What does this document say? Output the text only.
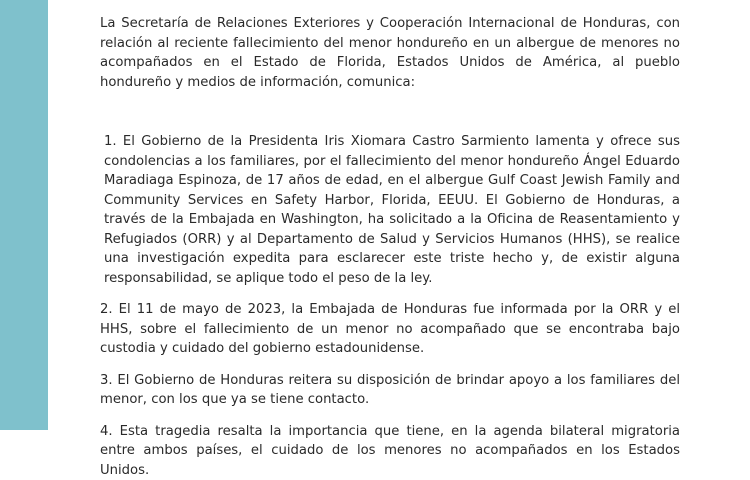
La Secretaría de Relaciones Exteriores y Cooperación Internacional de Honduras, con relación al reciente fallecimiento del menor hondureño en un albergue de menores no acompañados en el Estado de Florida, Estados Unidos de América, al pueblo hondureño y medios de información, comunica:

1. El Gobierno de la Presidenta Iris Xiomara Castro Sarmiento lamenta y ofrece sus condolencias a los familiares, por el fallecimiento del menor hondureño Ángel Eduardo Maradiaga Espinoza, de 17 años de edad, en el albergue Gulf Coast Jewish Family and Community Services en Safety Harbor, Florida, EEUU. El Gobierno de Honduras, a través de la Embajada en Washington, ha solicitado a la Oficina de Reasentamiento y Refugiados (ORR) y al Departamento de Salud y Servicios Humanos (HHS), se realice una investigación expedita para esclarecer este triste hecho y, de existir alguna responsabilidad, se aplique todo el peso de la ley.

2. El 11 de mayo de 2023, la Embajada de Honduras fue informada por la ORR y el HHS, sobre el fallecimiento de un menor no acompañado que se encontraba bajo custodia y cuidado del gobierno estadounidense.

3. El Gobierno de Honduras reitera su disposición de brindar apoyo a los familiares del menor, con los que ya se tiene contacto.

4. Esta tragedia resalta la importancia que tiene, en la agenda bilateral migratoria entre ambos países, el cuidado de los menores no acompañados en los Estados Unidos.
